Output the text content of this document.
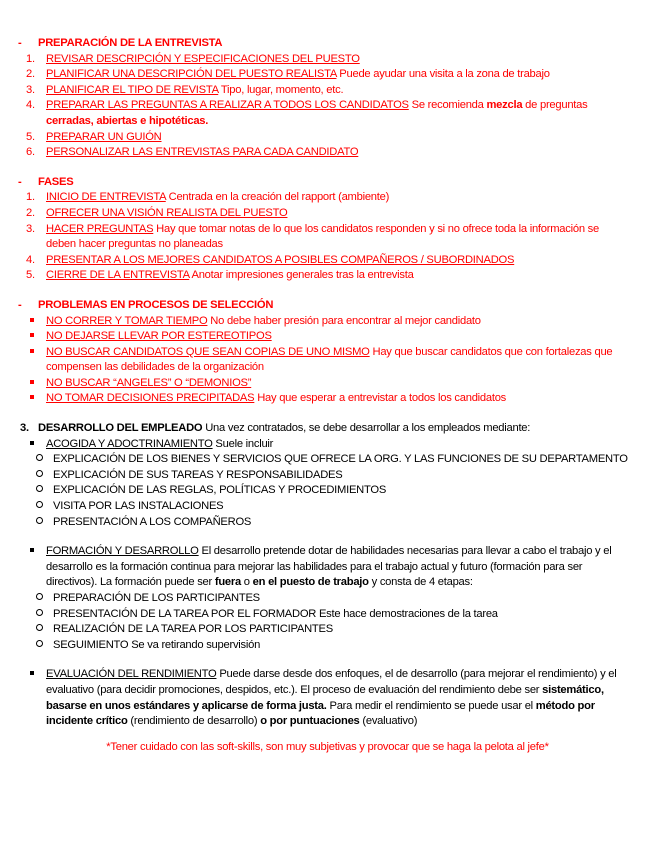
- PREPARACIÓN DE LA ENTREVISTA
1. REVISAR DESCRIPCIÓN Y ESPECIFICACIONES DEL PUESTO
2. PLANIFICAR UNA DESCRIPCIÓN DEL PUESTO REALISTA Puede ayudar una visita a la zona de trabajo
3. PLANIFICAR EL TIPO DE REVISTA Tipo, lugar, momento, etc.
4. PREPARAR LAS PREGUNTAS A REALIZAR A TODOS LOS CANDIDATOS Se recomienda mezcla de preguntas cerradas, abiertas e hipotéticas.
5. PREPARAR UN GUIÓN
6. PERSONALIZAR LAS ENTREVISTAS PARA CADA CANDIDATO
- FASES
1. INICIO DE ENTREVISTA Centrada en la creación del rapport (ambiente)
2. OFRECER UNA VISIÓN REALISTA DEL PUESTO
3. HACER PREGUNTAS Hay que tomar notas de lo que los candidatos responden y si no ofrece toda la información se deben hacer preguntas no planeadas
4. PRESENTAR A LOS MEJORES CANDIDATOS A POSIBLES COMPAÑEROS / SUBORDINADOS
5. CIERRE DE LA ENTREVISTA Anotar impresiones generales tras la entrevista
- PROBLEMAS EN PROCESOS DE SELECCIÓN
NO CORRER Y TOMAR TIEMPO No debe haber presión para encontrar al mejor candidato
NO DEJARSE LLEVAR POR ESTEREOTIPOS
NO BUSCAR CANDIDATOS QUE SEAN COPIAS DE UNO MISMO Hay que buscar candidatos que con fortalezas que compensen las debilidades de la organización
NO BUSCAR “ANGELES” O “DEMONIOS”
NO TOMAR DECISIONES PRECIPITADAS Hay que esperar a entrevistar a todos los candidatos
3. DESARROLLO DEL EMPLEADO Una vez contratados, se debe desarrollar a los empleados mediante:
ACOGIDA Y ADOCTRINAMIENTO Suele incluir
EXPLICACIÓN DE LOS BIENES Y SERVICIOS QUE OFRECE LA ORG. Y LAS FUNCIONES DE SU DEPARTAMENTO
EXPLICACIÓN DE SUS TAREAS Y RESPONSABILIDADES
EXPLICACIÓN DE LAS REGLAS, POLÍTICAS Y PROCEDIMIENTOS
VISITA POR LAS INSTALACIONES
PRESENTACIÓN A LOS COMPAÑEROS
FORMACIÓN Y DESARROLLO El desarrollo pretende dotar de habilidades necesarias para llevar a cabo el trabajo y el desarrollo es la formación continua para mejorar las habilidades para el trabajo actual y futuro (formación para ser directivos). La formación puede ser fuera o en el puesto de trabajo y consta de 4 etapas:
PREPARACIÓN DE LOS PARTICIPANTES
PRESENTACIÓN DE LA TAREA POR EL FORMADOR Este hace demostraciones de la tarea
REALIZACIÓN DE LA TAREA POR LOS PARTICIPANTES
SEGUIMIENTO Se va retirando supervisión
EVALUACIÓN DEL RENDIMIENTO Puede darse desde dos enfoques, el de desarrollo (para mejorar el rendimiento) y el evaluativo (para decidir promociones, despidos, etc.). El proceso de evaluación del rendimiento debe ser sistemático, basarse en unos estándares y aplicarse de forma justa. Para medir el rendimiento se puede usar el método por incidente crítico (rendimiento de desarrollo) o por puntuaciones (evaluativo)
*Tener cuidado con las soft-skills, son muy subjetivas y provocar que se haga la pelota al jefe*
